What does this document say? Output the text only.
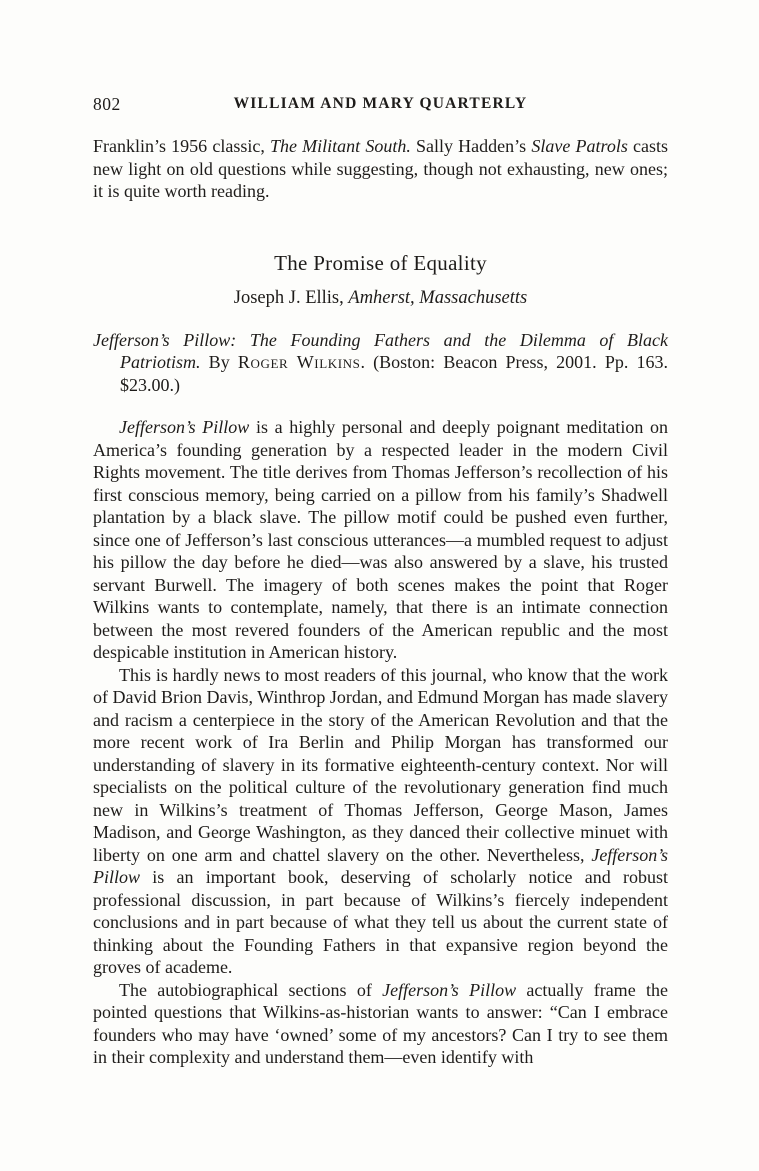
802	WILLIAM AND MARY QUARTERLY

Franklin’s 1956 classic, The Militant South. Sally Hadden’s Slave Patrols casts new light on old questions while suggesting, though not exhausting, new ones; it is quite worth reading.

The Promise of Equality

Joseph J. Ellis, Amherst, Massachusetts

Jefferson’s Pillow: The Founding Fathers and the Dilemma of Black Patriotism. By Roger Wilkins. (Boston: Beacon Press, 2001. Pp. 163. $23.00.)

Jefferson’s Pillow is a highly personal and deeply poignant meditation on America’s founding generation by a respected leader in the modern Civil Rights movement. The title derives from Thomas Jefferson’s recollection of his first conscious memory, being carried on a pillow from his family’s Shadwell plantation by a black slave. The pillow motif could be pushed even further, since one of Jefferson’s last conscious utterances—a mumbled request to adjust his pillow the day before he died—was also answered by a slave, his trusted servant Burwell. The imagery of both scenes makes the point that Roger Wilkins wants to contemplate, namely, that there is an intimate connection between the most revered founders of the American republic and the most despicable institution in American history.

This is hardly news to most readers of this journal, who know that the work of David Brion Davis, Winthrop Jordan, and Edmund Morgan has made slavery and racism a centerpiece in the story of the American Revolution and that the more recent work of Ira Berlin and Philip Morgan has transformed our understanding of slavery in its formative eighteenth-century context. Nor will specialists on the political culture of the revolutionary generation find much new in Wilkins’s treatment of Thomas Jefferson, George Mason, James Madison, and George Washington, as they danced their collective minuet with liberty on one arm and chattel slavery on the other. Nevertheless, Jefferson’s Pillow is an important book, deserving of scholarly notice and robust professional discussion, in part because of Wilkins’s fiercely independent conclusions and in part because of what they tell us about the current state of thinking about the Founding Fathers in that expansive region beyond the groves of academe.

The autobiographical sections of Jefferson’s Pillow actually frame the pointed questions that Wilkins-as-historian wants to answer: “Can I embrace founders who may have ‘owned’ some of my ancestors? Can I try to see them in their complexity and understand them—even identify with
